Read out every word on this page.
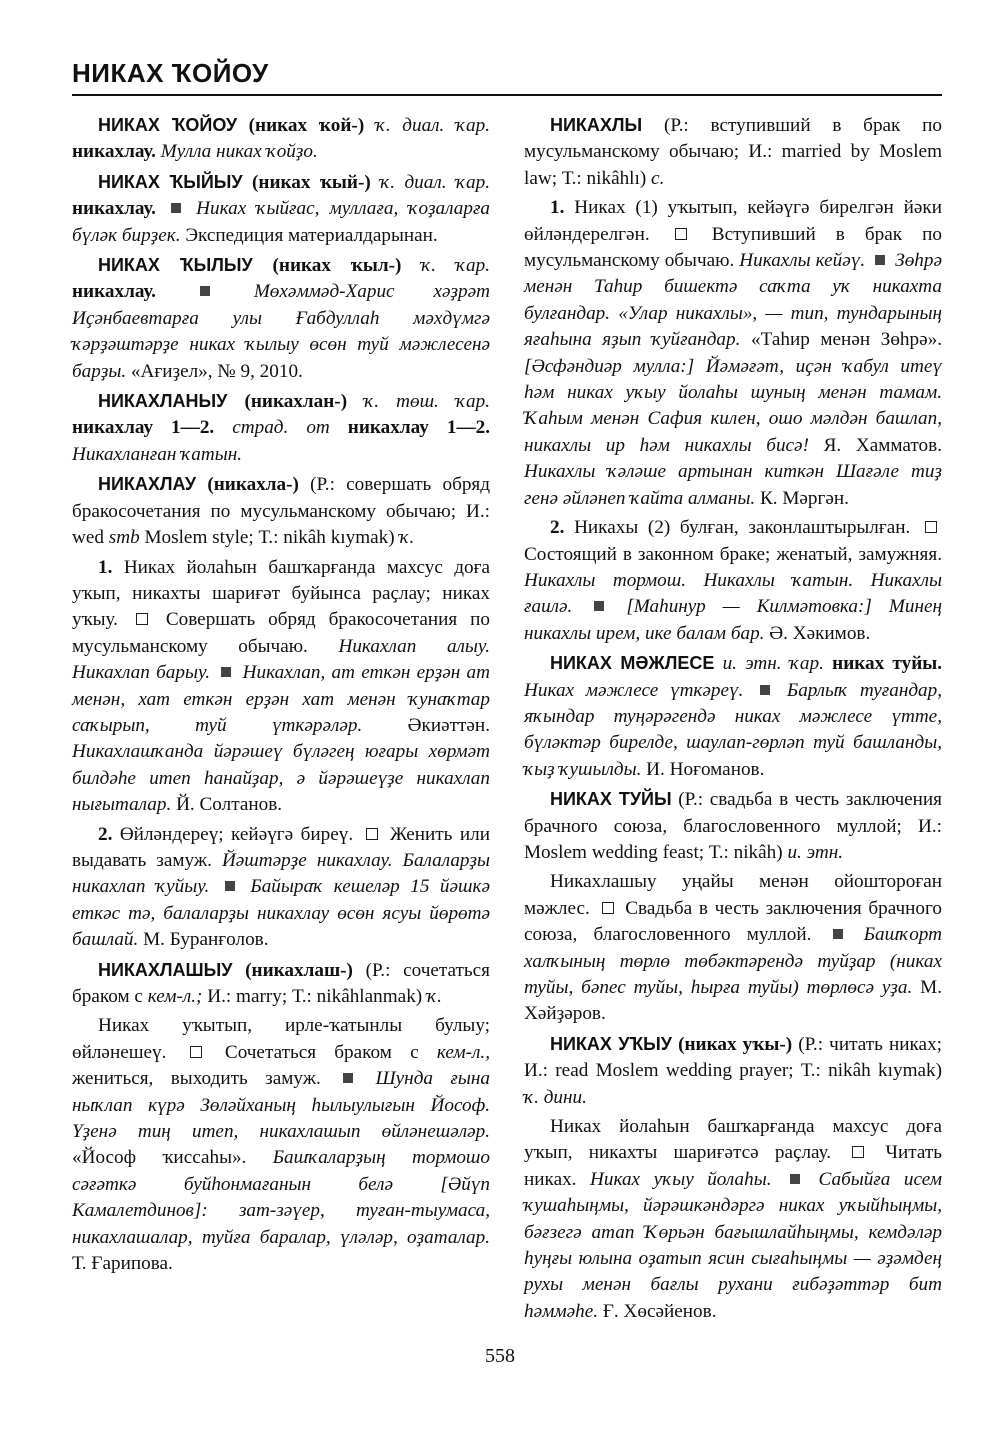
НИКАХ ҠОЙОУ

НИКАХ ҠОЙОУ (никах ҡой-) ҡ. диал. ҡар. никахлау. Мулла никах ҡойҙо.

НИКАХ ҠЫЙЫУ (никах ҡый-) ҡ. диал. ҡар. никахлау. Никах ҡыйғас, муллаға, ҡоҙаларға бүләк бирҙек. Экспедиция материалдарынан.

НИКАХ ҠЫЛЫУ (никах ҡыл-) ҡ. ҡар. никахлау.	Мөхәммәд-Харис хәҙрәт Иҫәнбаевтарға улы Ғабдуллаһ мәхдүмгә ҡәрҙәштәрҙе никах ҡылыу өсөн туй мәжлесенә барҙы. «Ағиҙел», № 9, 2010.

НИКАХЛАНЫУ (никахлан-) ҡ. төш. ҡар. никахлау 1—2. страд. от никахлау 1—2. Никахланған ҡатын.

НИКАХЛАУ (никахла-) (Р.: совершать обряд бракосочетания по мусульманскому обычаю; И.: wed smb Moslem style; Т.: nikâh kıymak) ҡ.

1. Никах йолаһын башҡарғанда махсус доға уҡып, никахты шариғәт буйынса раҫлау; никах уҡыу. Совершать обряд бракосочетания по мусульманскому обычаю. Никахлап алыу. Никахлап барыу. Никахлап, ат еткән ерҙән ат менән, хат еткән ерҙән хат менән ҡунаҡтар саҡырып, туй үткәрәләр. Әкиәттән. Никахлашҡанда йәрәшеү бүләгең юғары хөрмәт билдәһе итеп һанайҙар, ә йәрәшеүҙе никахлап нығыталар. Й. Солтанов.

2. Өйләндереү; кейәүгә биреү. Женить или выдавать замуж. Йәштәрҙе никахлау. Балаларҙы никахлап ҡуйыу. Байыраҡ кешеләр 15 йәшкә еткәс тә, балаларҙы никахлау өсөн ясуы йөрөтә башлай. М. Буранғолов.

НИКАХЛАШЫУ (никахлаш-) (Р.: сочетаться браком с кем-л.; И.: marry; Т.: nikâhlanmak) ҡ.

Никах уҡытып, ирле-ҡатынлы булыу; өйләнешеү.	Сочетаться браком с кем-л., жениться, выходить замуж.	Шунда ғына ныҡлап күрә Зөләйханың һылыулығын Йософ. Үҙенә тиң итеп, никахлашып өйләнешәләр. «Йософ ҡиссаһы». Башҡаларҙың тормошо сәғәткә буйһонмағанын белә [Әйүп Камалетдинов]: зат-зәүер, туған-тыумаса, никахлашалар, туйға баралар, үләләр, оҙаталар. Т. Ғарипова.

НИКАХЛЫ (Р.: вступивший в брак по мусульманскому обычаю; И.: married by Moslem law; Т.: nikâhlı) с.

1. Никах (1) уҡытып, кейәүгә бирелгән йәки өйләндерелгән.	Вступивший в брак по мусульманскому обычаю. Никахлы кейәү. Зөһрә менән Таһир бишектә саҡта уҡ никахта булғандар. «Улар никахлы», — тип, тундарының яғаһына яҙып ҡуйғандар. «Таһир менән Зөһрә». [Әсфәндиәр мулла:] Йәмәғәт, иҫән ҡабул итеү һәм никах уҡыу йолаһы шуның менән тамам. Ҡаһым менән Сафия килен, ошо мәлдән башлап, никахлы ир һәм никахлы бисә! Я. Хамматов. Никахлы ҡәләше артынан киткән Шағәле тиҙ генә әйләнеп ҡайта алманы. К. Мәргән.

2. Никахы (2) булған, законлаштырылған.  Состоящий в законном браке; женатый, замужняя. Никахлы тормош. Никахлы ҡатын. Никахлы ғаилә.	[Маһинур — Килмәтовка:] Минең никахлы ирем, ике балам бар. Ә. Хәкимов.

НИКАХ МӘЖЛЕСЕ и. этн. ҡар. никах туйы. Никах мәжлесе үткәреү. Барлыҡ туғандар, яҡындар туңәрәгендә никах мәжлесе үтте, бүләктәр бирелде, шаулап-гөрләп туй башланды, ҡыҙ ҡушылды. И. Ноғоманов.

НИКАХ ТУЙЫ (Р.: свадьба в честь заключения брачного союза, благословенного муллой; И.: Moslem wedding feast; Т.: nikâh) и. этн.

Никахлашыу уңайы менән ойоштороған мәжлес. Свадьба в честь заключения брачного союза, благословенного муллой.	Башҡорт халҡының төрлө төбәктәрендә туйҙар (никах туйы, бәпес туйы, һырға туйы) төрлөсә уҙа. М. Хәйҙәров.

НИКАХ УҠЫУ (никах уҡы-) (Р.: читать никах; И.: read Moslem wedding prayer; Т.: nikâh kıymak) ҡ. дини.

Никах йолаһын башҡарғанда махсус доға уҡып, никахты шариғәтсә раҫлау.	Читать никах. Никах уҡыу йолаһы. Сабыйға исем ҡушаһыңмы, йәрәшкәндәргә никах уҡыйһыңмы, бәғзегә атап Ҡөрьән бағышлайһыңмы, кемдәләр һуңғы юлына оҙатып ясин сығаһыңмы — әҙәмдең рухы менән бағлы рухани ғибәҙәттәр бит һәммәһе. Ғ. Хөсәйенов.

558
